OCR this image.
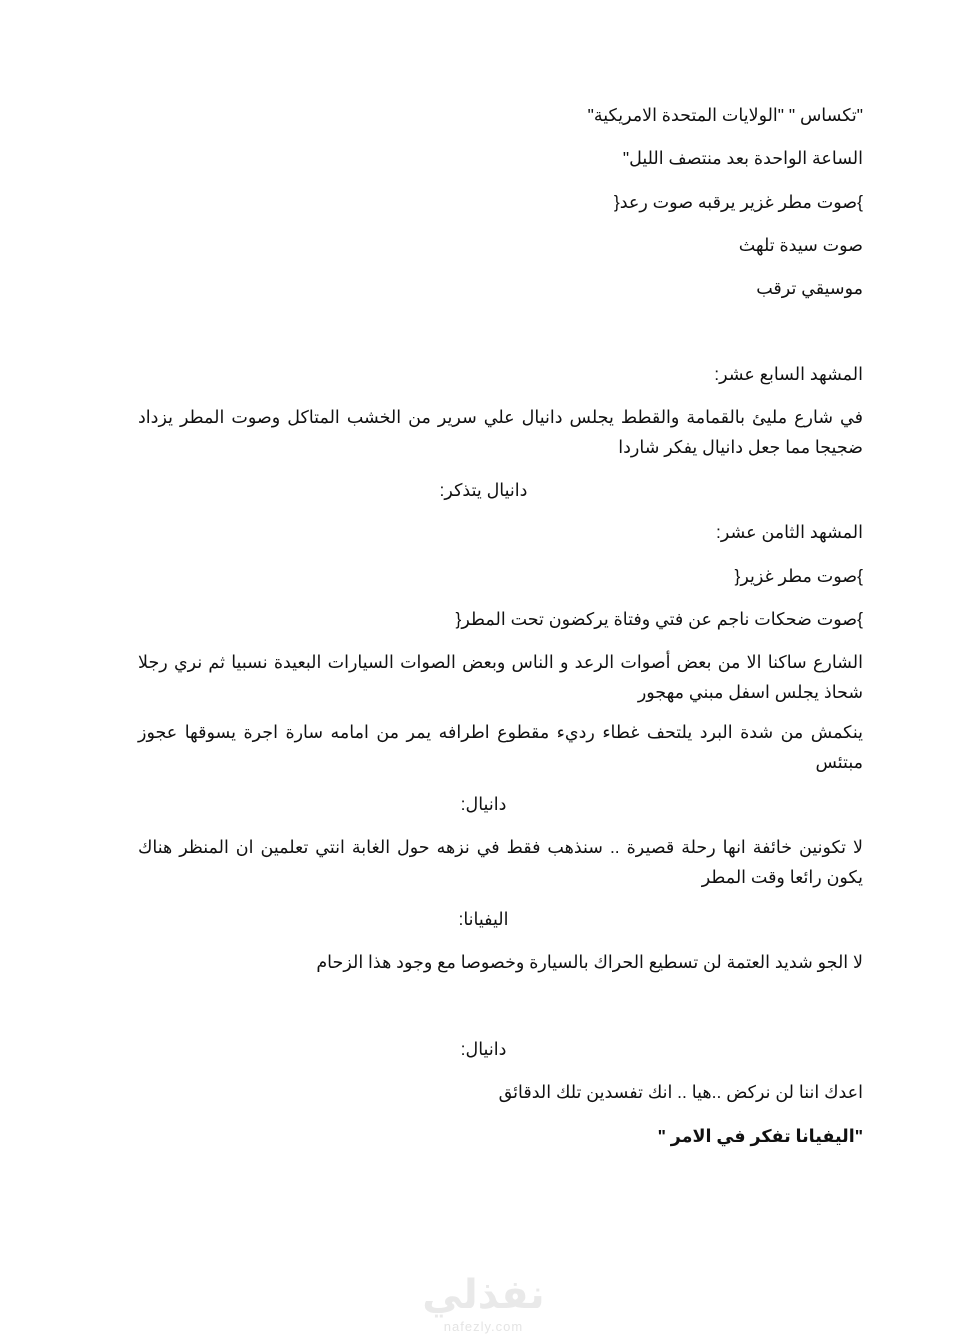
"تكساس " "الولايات المتحدة الامريكية"

الساعة الواحدة بعد منتصف الليل"

}صوت مطر غزير يرقبه صوت رعد{

صوت سيدة تلهث

موسيقي ترقب

المشهد السابع عشر:

في شارع مليئ بالقمامة والقطط يجلس دانيال علي سرير من الخشب المتاكل وصوت المطر يزداد ضجيجا مما جعل دانيال يفكر شاردا

دانيال يتذكر:

المشهد الثامن عشر:

}صوت مطر غزير{

}صوت ضحكات ناجم عن فتي وفتاة يركضون تحت المطر{

الشارع ساكنا الا من بعض أصوات الرعد و الناس وبعض الصوات السيارات البعيدة نسبيا ثم نري رجلا شحاذ يجلس اسفل مبني مهجور

ينكمش من شدة البرد يلتحف غطاء رديء مقطوع اطرافه يمر من امامه سارة اجرة يسوقها عجوز مبتئس

دانيال:

لا تكونين خائفة انها رحلة قصيرة .. سنذهب فقط في نزهه حول الغابة انتي تعلمين ان المنظر هناك يكون رائعا وقت المطر

اليفيانا:

لا الجو شديد العتمة لن تسطيع الحراك بالسيارة وخصوصا مع وجود هذا الزحام

دانيال:

اعدك اننا لن نركض ..هيا .. انك تفسدين تلك الدقائق

"اليفيانا تفكر في الامر "

نفذلي
nafezly.com
